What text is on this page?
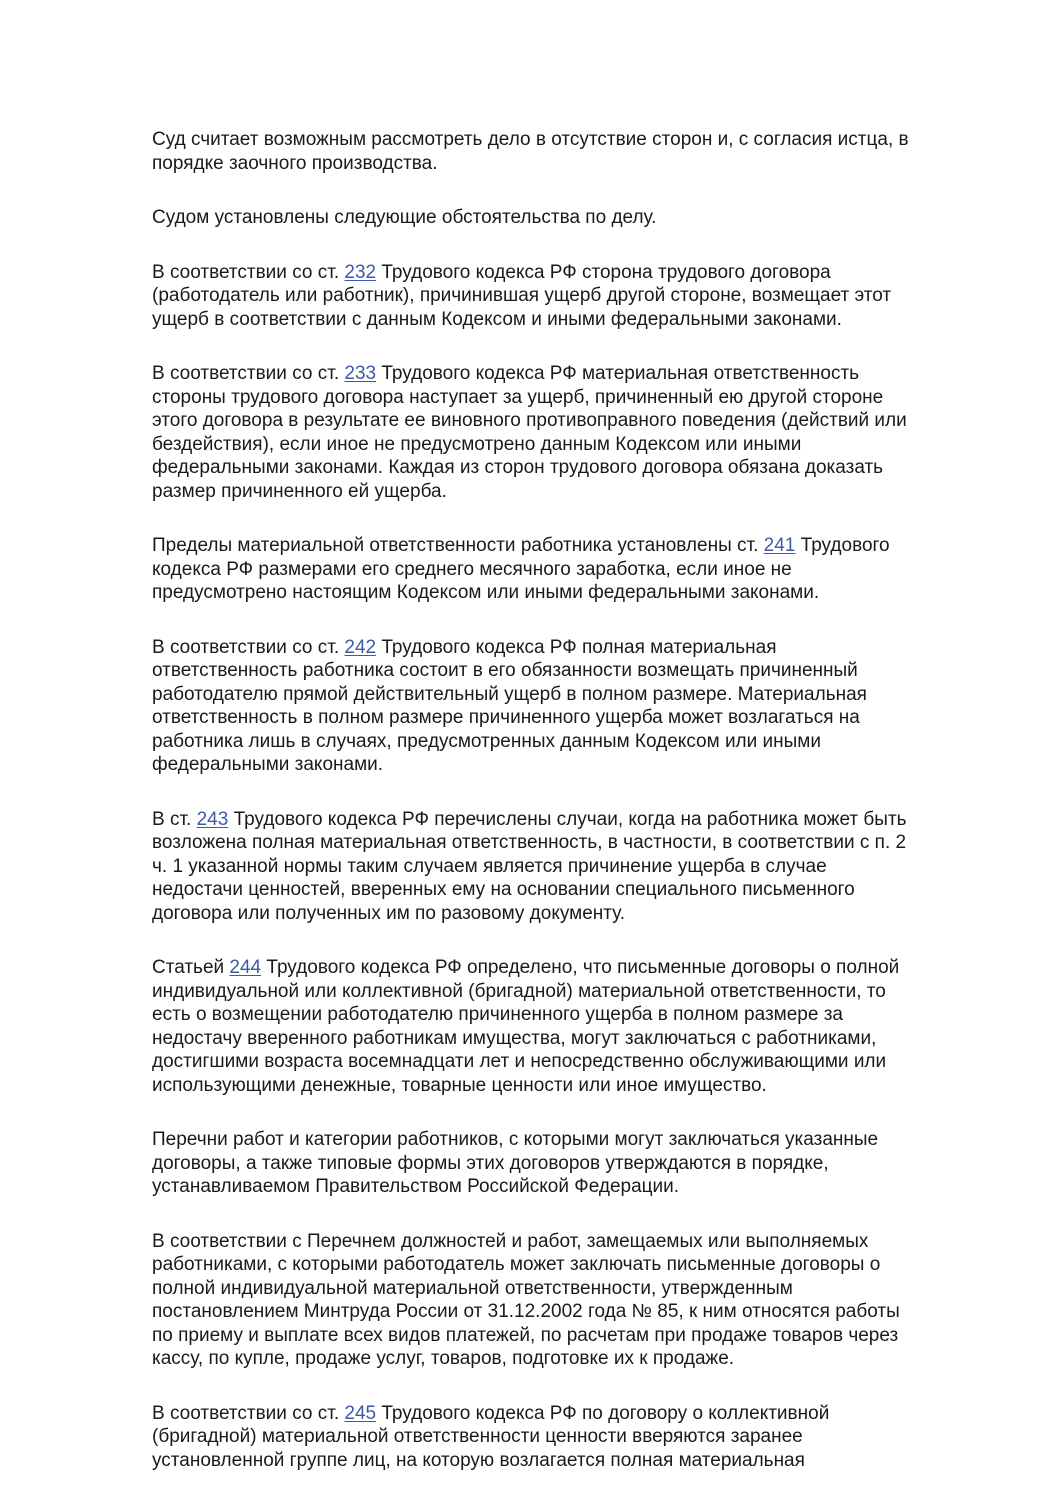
Суд считает возможным рассмотреть дело в отсутствие сторон и, с согласия истца, в
порядке заочного производства.

Судом установлены следующие обстоятельства по делу.

В соответствии со ст. 232 Трудового кодекса РФ сторона трудового договора
(работодатель или работник), причинившая ущерб другой стороне, возмещает этот
ущерб в соответствии с данным Кодексом и иными федеральными законами.

В соответствии со ст. 233 Трудового кодекса РФ материальная ответственность
стороны трудового договора наступает за ущерб, причиненный ею другой стороне
этого договора в результате ее виновного противоправного поведения (действий или
бездействия), если иное не предусмотрено данным Кодексом или иными
федеральными законами. Каждая из сторон трудового договора обязана доказать
размер причиненного ей ущерба.

Пределы материальной ответственности работника установлены ст. 241 Трудового
кодекса РФ размерами его среднего месячного заработка, если иное не
предусмотрено настоящим Кодексом или иными федеральными законами.

В соответствии со ст. 242 Трудового кодекса РФ полная материальная
ответственность работника состоит в его обязанности возмещать причиненный
работодателю прямой действительный ущерб в полном размере. Материальная
ответственность в полном размере причиненного ущерба может возлагаться на
работника лишь в случаях, предусмотренных данным Кодексом или иными
федеральными законами.

В ст. 243 Трудового кодекса РФ перечислены случаи, когда на работника может быть
возложена полная материальная ответственность, в частности, в соответствии с п. 2
ч. 1 указанной нормы таким случаем является причинение ущерба в случае
недостачи ценностей, вверенных ему на основании специального письменного
договора или полученных им по разовому документу.

Статьей 244 Трудового кодекса РФ определено, что письменные договоры о полной
индивидуальной или коллективной (бригадной) материальной ответственности, то
есть о возмещении работодателю причиненного ущерба в полном размере за
недостачу вверенного работникам имущества, могут заключаться с работниками,
достигшими возраста восемнадцати лет и непосредственно обслуживающими или
использующими денежные, товарные ценности или иное имущество.

Перечни работ и категории работников, с которыми могут заключаться указанные
договоры, а также типовые формы этих договоров утверждаются в порядке,
устанавливаемом Правительством Российской Федерации.

В соответствии с Перечнем должностей и работ, замещаемых или выполняемых
работниками, с которыми работодатель может заключать письменные договоры о
полной индивидуальной материальной ответственности, утвержденным
постановлением Минтруда России от 31.12.2002 года № 85, к ним относятся работы
по приему и выплате всех видов платежей, по расчетам при продаже товаров через
кассу, по купле, продаже услуг, товаров, подготовке их к продаже.

В соответствии со ст. 245 Трудового кодекса РФ по договору о коллективной
(бригадной) материальной ответственности ценности вверяются заранее
установленной группе лиц, на которую возлагается полная материальная
